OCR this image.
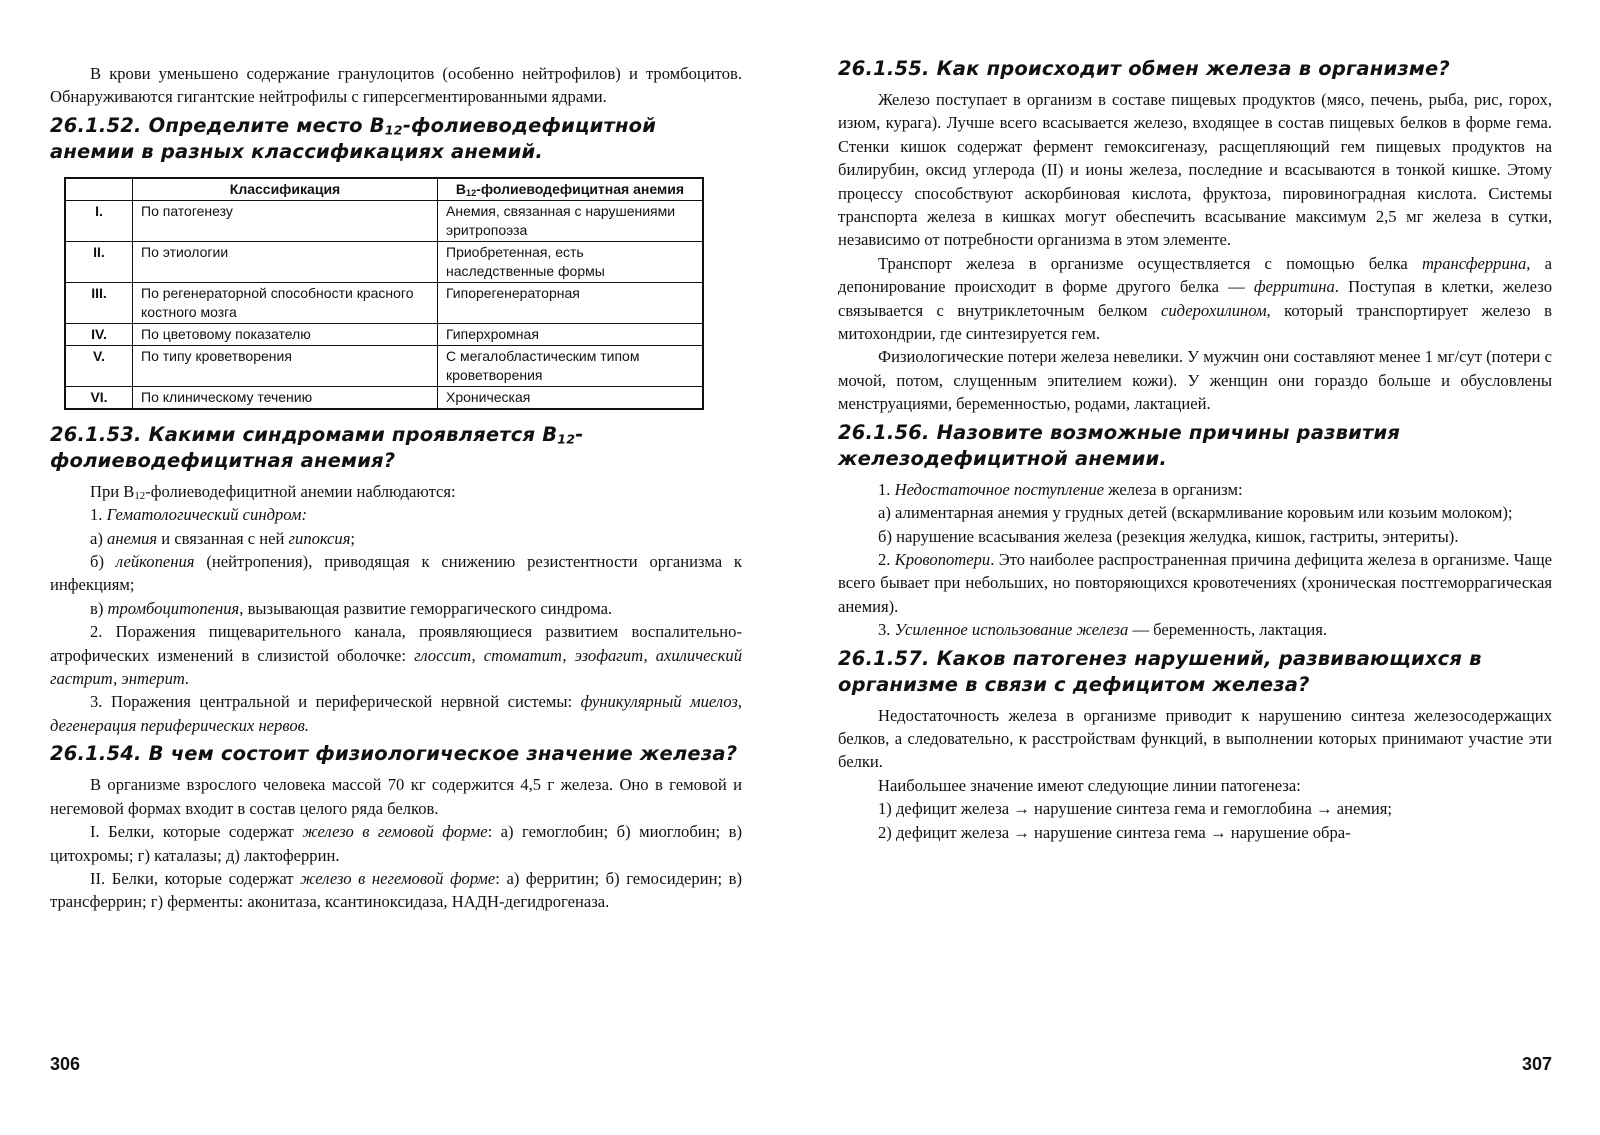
В крови уменьшено содержание гранулоцитов (особенно нейтрофилов) и тромбоцитов. Обнаруживаются гигантские нейтрофилы с гиперсегментированными ядрами.

26.1.52. Определите место $B_{12}$-фолиеводефицитной анемии в разных классификациях анемий.
	Классификация	$B_{12}$-фолиеводефицитная анемия
I.	По патогенезу	Анемия, связанная с нарушениями эритропоэза
II.	По этиологии	Приобретенная, есть наследственные формы
III.	По регенераторной способности красного костного мозга	Гипорегенераторная
IV.	По цветовому показателю	Гиперхромная
V.	По типу кроветворения	С мегалобластическим типом кроветворения
VI.	По клиническому течению	Хроническая
26.1.53. Какими синдромами проявляется $B_{12}$-фолиеводефицитная анемия?

При $B_{12}$-фолиеводефицитной анемии наблюдаются:

1. Гематологический синдром:

а) анемия и связанная с ней гипоксия;

б) лейкопения (нейтропения), приводящая к снижению резистентности организма к инфекциям;

в) тромбоцитопения, вызывающая развитие геморрагического синдрома.

2. Поражения пищеварительного канала, проявляющиеся развитием воспалительно-атрофических изменений в слизистой оболочке: глоссит, стоматит, эзофагит, ахилический гастрит, энтерит.

3. Поражения центральной и периферической нервной системы: фуникулярный миелоз, дегенерация периферических нервов.

26.1.54. В чем состоит физиологическое значение железа?

В организме взрослого человека массой 70 кг содержится 4,5 г железа. Оно в гемовой и негемовой формах входит в состав целого ряда белков.

I. Белки, которые содержат железо в гемовой форме: а) гемоглобин; б) миоглобин; в) цитохромы; г) каталазы; д) лактоферрин.

II. Белки, которые содержат железо в негемовой форме: а) ферритин; б) гемосидерин; в) трансферрин; г) ферменты: аконитаза, ксантиноксидаза, НАДН-дегидрогеназа.

306
26.1.55. Как происходит обмен железа в организме?

Железо поступает в организм в составе пищевых продуктов (мясо, печень, рыба, рис, горох, изюм, курага). Лучше всего всасывается железо, входящее в состав пищевых белков в форме гема. Стенки кишок содержат фермент гемоксигеназу, расщепляющий гем пищевых продуктов на билирубин, оксид углерода (II) и ионы железа, последние и всасываются в тонкой кишке. Этому процессу способствуют аскорбиновая кислота, фруктоза, пировиноградная кислота. Системы транспорта железа в кишках могут обеспечить всасывание максимум 2,5 мг железа в сутки, независимо от потребности организма в этом элементе.

Транспорт железа в организме осуществляется с помощью белка трансферрина, а депонирование происходит в форме другого белка — ферритина. Поступая в клетки, железо связывается с внутриклеточным белком сидерохилином, который транспортирует железо в митохондрии, где синтезируется гем.

Физиологические потери железа невелики. У мужчин они составляют менее 1 мг/сут (потери с мочой, потом, слущенным эпителием кожи). У женщин они гораздо больше и обусловлены менструациями, беременностью, родами, лактацией.

26.1.56. Назовите возможные причины развития железодефицитной анемии.

1. Недостаточное поступление железа в организм:

а) алиментарная анемия у грудных детей (вскармливание коровьим или козьим молоком);

б) нарушение всасывания железа (резекция желудка, кишок, гастриты, энтериты).

2. Кровопотери. Это наиболее распространенная причина дефицита железа в организме. Чаще всего бывает при небольших, но повторяющихся кровотечениях (хроническая постгеморрагическая анемия).

3. Усиленное использование железа — беременность, лактация.

26.1.57. Каков патогенез нарушений, развивающихся в организме в связи с дефицитом железа?

Недостаточность железа в организме приводит к нарушению синтеза железосодержащих белков, а следовательно, к расстройствам функций, в выполнении которых принимают участие эти белки.

Наибольшее значение имеют следующие линии патогенеза:

1) дефицит железа → нарушение синтеза гема и гемоглобина → анемия;

2) дефицит железа → нарушение синтеза гема → нарушение обра-

307
